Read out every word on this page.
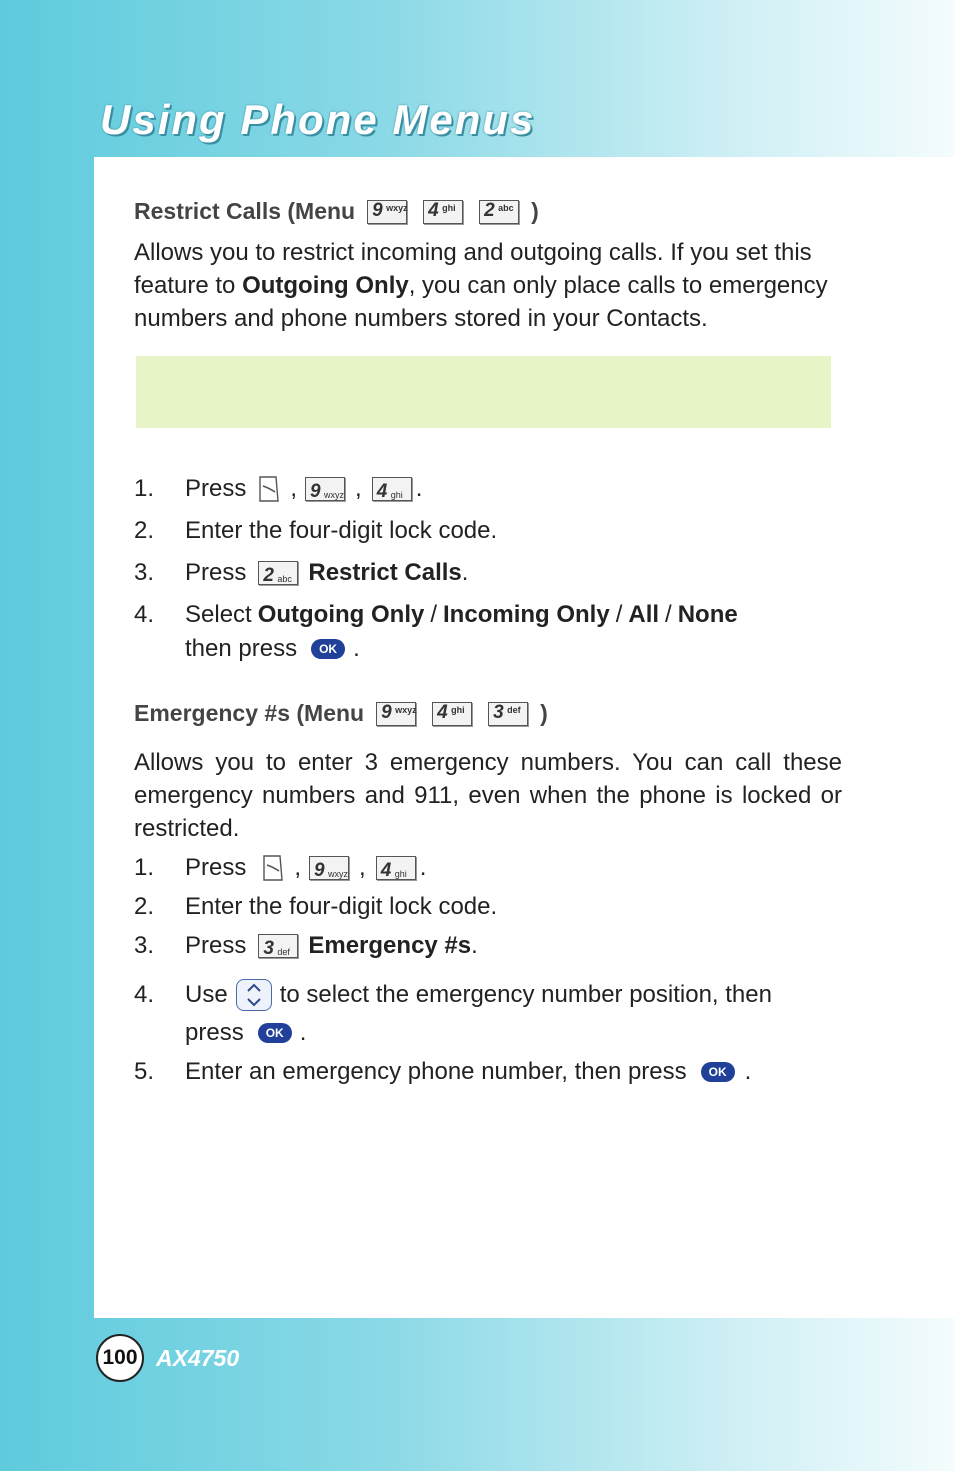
Using Phone Menus
Restrict Calls (Menu 9 wxyz 4 ghi 2 abc )

Allows you to restrict incoming and outgoing calls. If you set this feature to Outgoing Only, you can only place calls to emergency numbers and phone numbers stored in your Contacts.

1.	Press , 9 wxyz , 4 ghi .
2.	Enter the four-digit lock code.
3.	Press 2 abc Restrict Calls .
4.	Select Outgoing Only / Incoming Only / All / None
then press	OK .
Emergency #s (Menu 9 wxyz 4 ghi 3 def )

Allows you to enter 3 emergency numbers. You can call these emergency numbers and 911, even when the phone is locked or restricted.

1.	Press , 9 wxyz , 4 ghi .
2.	Enter the four-digit lock code.
3.	Press 3 def Emergency #s .
4.	Use to select the emergency number position, then
press	OK .
5.	Enter an emergency phone number, then press	OK .
100 AX4750
